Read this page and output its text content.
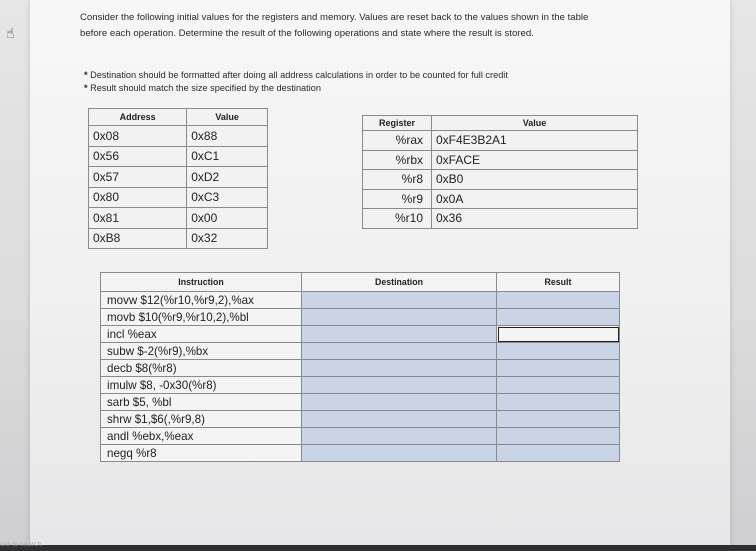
☝
Consider the following initial values for the registers and memory. Values are reset back to the values shown in the table before each operation. Determine the result of the following operations and state where the result is stored.
* Destination should be formatted after doing all address calculations in order to be counted for full credit
* Result should match the size specified by the destination
Address	Value
0x08	0x88
0x56	0xC1
0x57	0xD2
0x80	0xC3
0x81	0x00
0xB8	0x32
Register	Value
%rax	0xF4E3B2A1
%rbx	0xFACE
%r8	0xB0
%r9	0x0A
%r10	0x36
Instruction	Destination	Result
movw $12(%r10,%r9,2),%ax		
movb $10(%r9,%r10,2),%bl		
incl %eax		
subw $-2(%r9),%bx		
decb $8(%r8)		
imulw $8, -0x30(%r8)		
sarb $5, %bl		
shrw $1,$6(,%r9,8)		
andl %ebx,%eax		
negq %r8		
ere to search
